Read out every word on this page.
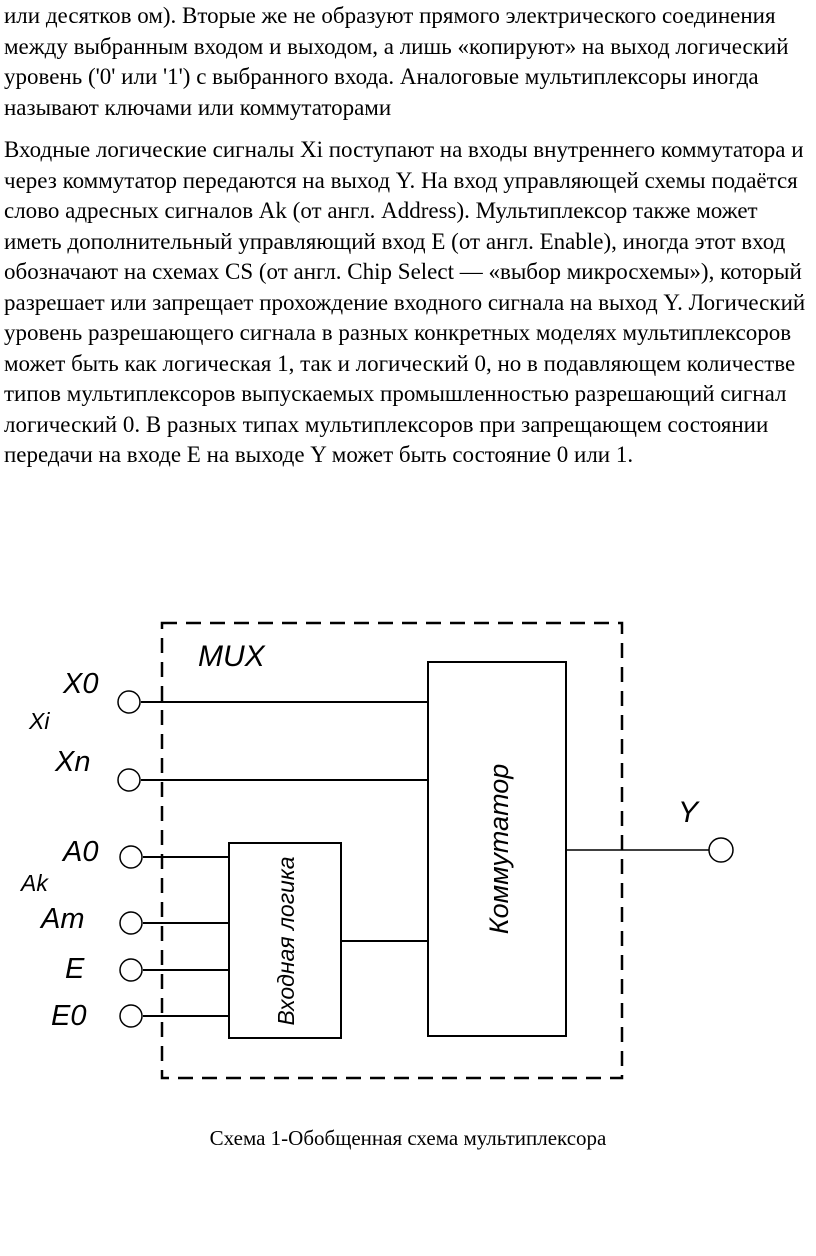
или десятков ом). Вторые же не образуют прямого электрического соединения между выбранным входом и выходом, а лишь «копируют» на выход логический уровень ('0' или '1') с выбранного входа. Аналоговые мультиплексоры иногда называют ключами или коммутаторами

Входные логические сигналы Xi поступают на входы внутреннего коммутатора и через коммутатор передаются на выход Y. На вход управляющей схемы подаётся слово адресных сигналов Ak (от англ. Address). Мультиплексор также может иметь дополнительный управляющий вход E (от англ. Enable), иногда этот вход обозначают на схемах CS (от англ. Chip Select — «выбор микросхемы»), который разрешает или запрещает прохождение входного сигнала на выход Y. Логический уровень разрешающего сигнала в разных конкретных моделях мультиплексоров может быть как логическая 1, так и логический 0, но в подавляющем количестве типов мультиплексоров выпускаемых промышленностью разрешающий сигнал логический 0. В разных типах мультиплексоров при запрещающем состоянии передачи на входе E на выходе Y может быть состояние 0 или 1.

MUX
Коммутатор
Входная логика
X0
Xi
Xn
A0
Ak
Am
E
E0
Y
Схема 1-Обобщенная схема мультиплексора
